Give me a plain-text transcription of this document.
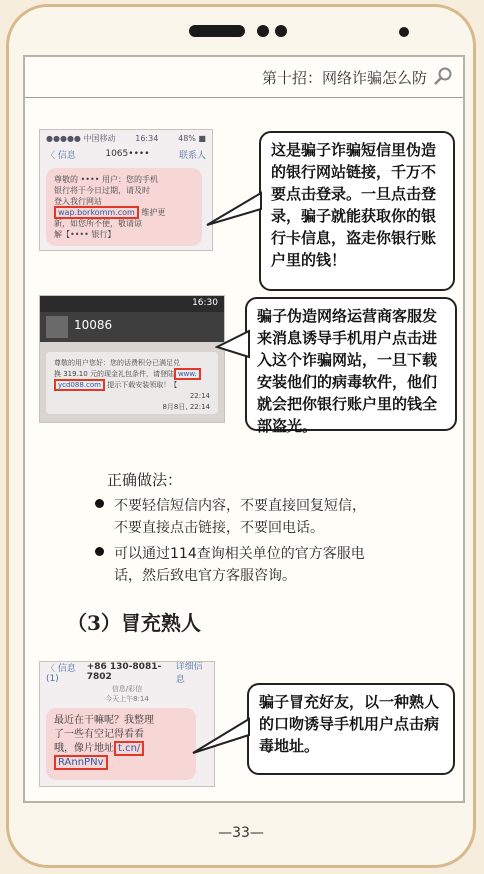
第十招：网络诈骗怎么防
●●●●● 中国移动 16:34 48% ■
〈 信息	1065••••	联系人
尊敬的 •••• 用户：您的手机
银行将于今日过期，请及时
登入我行网站
wap.borkomm.com 维护更
新，如您所不便，敬请谅
解【•••• 银行】
这是骗子诈骗短信里伪造的银行网站链接，千万不要点击登录。一旦点击登录，骗子就能获取你的银行卡信息，盗走你银行账户里的钱！
16:30
10086
尊敬的用户您好：您的话费积分已满足兑
换 319.10 元的现金礼包条件，请登陆 www.
ycd088.com 提示下载安装领取！【
22:14
8月8日, 22:14
骗子伪造网络运营商客服发来消息诱导手机用户点击进入这个诈骗网站，一旦下载安装他们的病毒软件，他们就会把你银行账户里的钱全部盗光。
正确做法：
不要轻信短信内容，不要直接回复短信，
不要直接点击链接，不要回电话。
可以通过114查询相关单位的官方客服电
话，然后致电官方客服咨询。
（3）冒充熟人
〈 信息 (1)
+86 130-8081-7802
详细信息
信息/彩信
今天上午8:14
最近在干嘛呢？我整理
了一些有空记得看看
哦，像片地址 t.cn/
RAnnPNv
骗子冒充好友，以一种熟人的口吻诱导手机用户点击病毒地址。
—33—
